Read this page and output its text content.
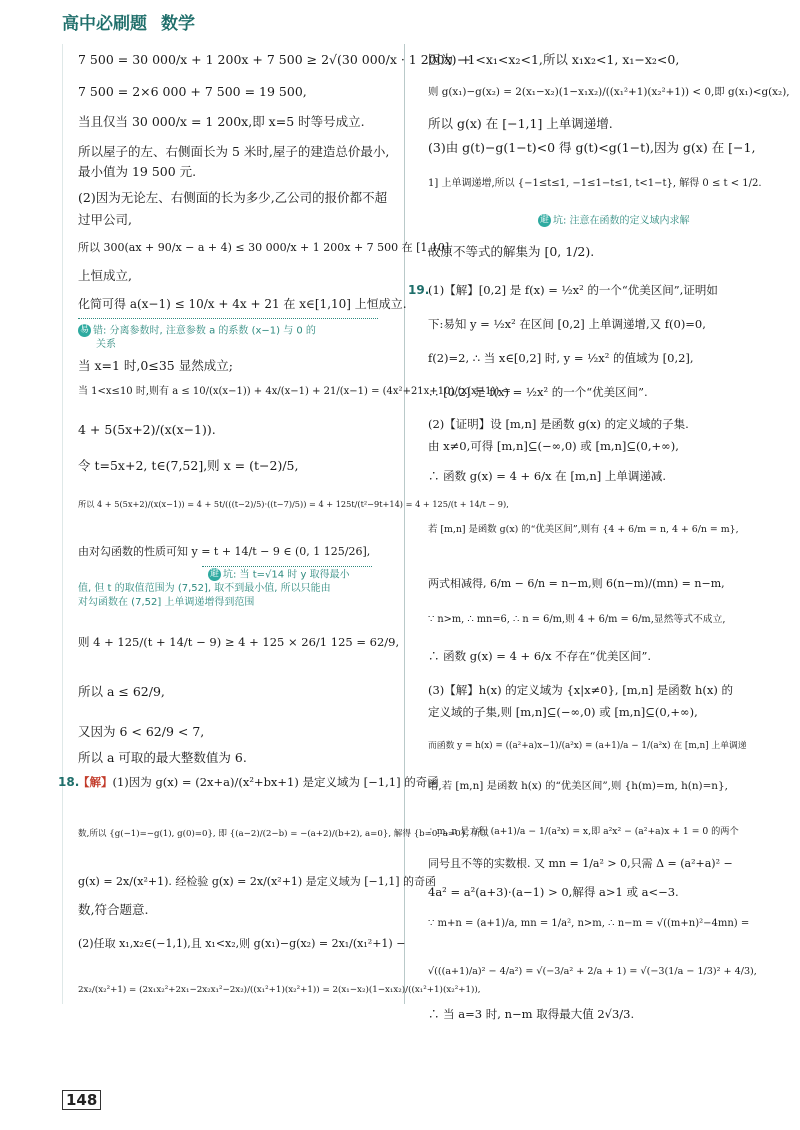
高中必刷题 数学
7 500 = 30 000/x + 1 200x + 7 500 ≥ 2√(30 000/x · 1 200x) +
7 500 = 2×6 000 + 7 500 = 19 500,
当且仅当 30 000/x = 1 200x,即 x=5 时等号成立.
所以屋子的左、右侧面长为 5 米时,屋子的建造总价最小,
最小值为 19 500 元.
(2)因为无论左、右侧面的长为多少,乙公司的报价都不超
过甲公司,
所以 300(ax + 90/x − a + 4) ≤ 30 000/x + 1 200x + 7 500 在 [1,10]
上恒成立,
化简可得 a(x−1) ≤ 10/x + 4x + 21 在 x∈[1,10] 上恒成立.
易 错: 分离参数时, 注意参数 a 的系数 (x−1) 与 0 的
关系
当 x=1 时,0≤35 显然成立;
当 1<x≤10 时,则有 a ≤ 10/(x(x−1)) + 4x/(x−1) + 21/(x−1) = (4x²+21x+10)/(x(x−1)) =
4 + 5(5x+2)/(x(x−1)).
令 t=5x+2, t∈(7,52],则 x = (t−2)/5,
所以 4 + 5(5x+2)/(x(x−1)) = 4 + 5t/(((t−2)/5)·((t−7)/5)) = 4 + 125t/(t²−9t+14) = 4 + 125/(t + 14/t − 9),
由对勾函数的性质可知 y = t + 14/t − 9 ∈ (0, 1 125/26],
避 坑: 当 t=√14 时 y 取得最小
值, 但 t 的取值范围为 (7,52], 取不到最小值, 所以只能由
对勾函数在 (7,52] 上单调递增得到范围
则 4 + 125/(t + 14/t − 9) ≥ 4 + 125 × 26/1 125 = 62/9,
所以 a ≤ 62/9,
又因为 6 < 62/9 < 7,
所以 a 可取的最大整数值为 6.
18.
【解】(1)因为 g(x) = (2x+a)/(x²+bx+1) 是定义域为 [−1,1] 的奇函
数,所以 {g(−1)=−g(1), g(0)=0}, 即 {(a−2)/(2−b) = −(a+2)/(b+2), a=0}, 解得 {b=0, a=0}, 所以
g(x) = 2x/(x²+1). 经检验 g(x) = 2x/(x²+1) 是定义域为 [−1,1] 的奇函
数,符合题意.
(2)任取 x₁,x₂∈(−1,1),且 x₁<x₂,则 g(x₁)−g(x₂) = 2x₁/(x₁²+1) −
2x₂/(x₂²+1) = (2x₁x₂²+2x₁−2x₂x₁²−2x₂)/((x₁²+1)(x₂²+1)) = 2(x₁−x₂)(1−x₁x₂)/((x₁²+1)(x₂²+1)),
因为 −1<x₁<x₂<1,所以 x₁x₂<1, x₁−x₂<0,
则 g(x₁)−g(x₂) = 2(x₁−x₂)(1−x₁x₂)/((x₁²+1)(x₂²+1)) < 0,即 g(x₁)<g(x₂),
所以 g(x) 在 [−1,1] 上单调递增.
(3)由 g(t)−g(1−t)<0 得 g(t)<g(1−t),因为 g(x) 在 [−1,
1] 上单调递增,所以 {−1≤t≤1, −1≤1−t≤1, t<1−t}, 解得 0 ≤ t < 1/2.
避 坑: 注意在函数的定义域内求解
故原不等式的解集为 [0, 1/2).
19.
(1)【解】[0,2] 是 f(x) = ½x² 的一个“优美区间”,证明如
下:易知 y = ½x² 在区间 [0,2] 上单调递增,又 f(0)=0,
f(2)=2, ∴ 当 x∈[0,2] 时, y = ½x² 的值域为 [0,2],
∴ [0,2] 是 f(x) = ½x² 的一个“优美区间”.
(2)【证明】设 [m,n] 是函数 g(x) 的定义域的子集.
由 x≠0,可得 [m,n]⊆(−∞,0) 或 [m,n]⊆(0,+∞),
∴ 函数 g(x) = 4 + 6/x 在 [m,n] 上单调递减.
若 [m,n] 是函数 g(x) 的“优美区间”,则有 {4 + 6/m = n, 4 + 6/n = m},
两式相减得, 6/m − 6/n = n−m,则 6(n−m)/(mn) = n−m,
∵ n>m, ∴ mn=6, ∴ n = 6/m,则 4 + 6/m = 6/m,显然等式不成立,
∴ 函数 g(x) = 4 + 6/x 不存在“优美区间”.
(3)【解】h(x) 的定义域为 {x|x≠0}, [m,n] 是函数 h(x) 的
定义域的子集,则 [m,n]⊆(−∞,0) 或 [m,n]⊆(0,+∞),
而函数 y = h(x) = ((a²+a)x−1)/(a²x) = (a+1)/a − 1/(a²x) 在 [m,n] 上单调递
增,若 [m,n] 是函数 h(x) 的“优美区间”,则 {h(m)=m, h(n)=n},
∴ m, n 是方程 (a+1)/a − 1/(a²x) = x,即 a²x² − (a²+a)x + 1 = 0 的两个
同号且不等的实数根. 又 mn = 1/a² > 0,只需 Δ = (a²+a)² −
4a² = a²(a+3)·(a−1) > 0,解得 a>1 或 a<−3.
∵ m+n = (a+1)/a, mn = 1/a², n>m, ∴ n−m = √((m+n)²−4mn) =
√(((a+1)/a)² − 4/a²) = √(−3/a² + 2/a + 1) = √(−3(1/a − 1/3)² + 4/3),
∴ 当 a=3 时, n−m 取得最大值 2√3/3.
148
